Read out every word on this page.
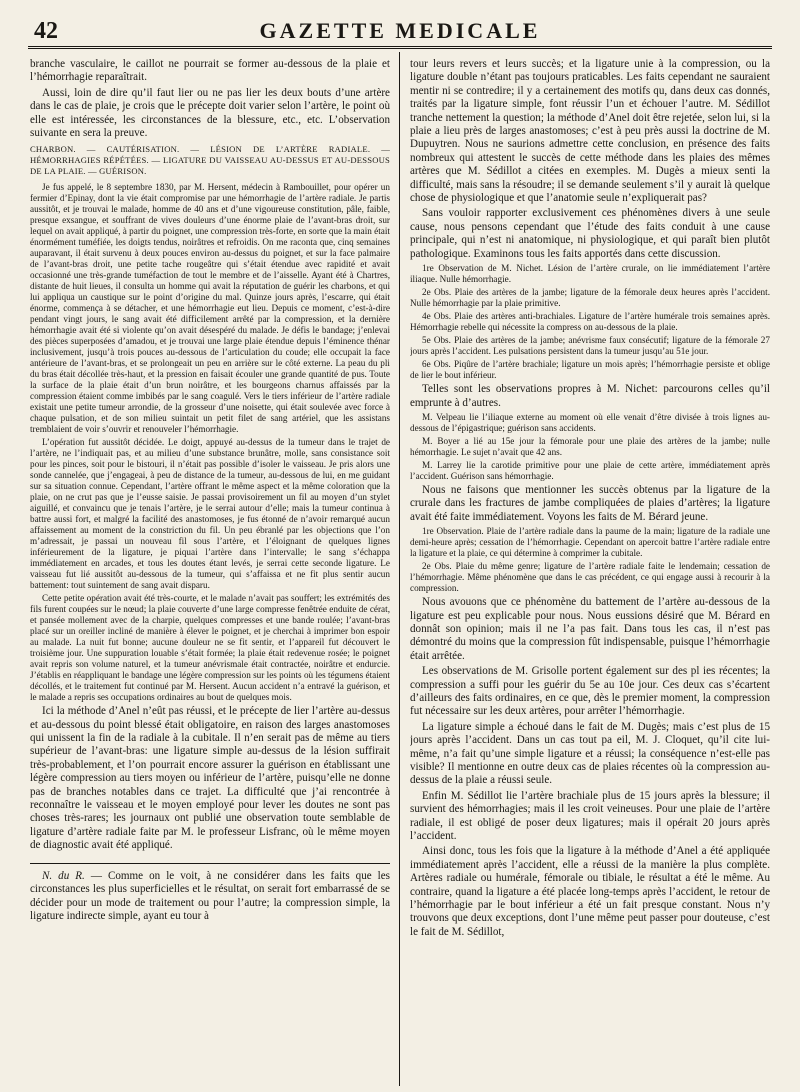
42	GAZETTE MEDICALE

branche vasculaire, le caillot ne pourrait se former au-dessous de la plaie et l’hémorrhagie reparaîtrait.

Aussi, loin de dire qu’il faut lier ou ne pas lier les deux bouts d’une artère dans le cas de plaie, je crois que le précepte doit varier selon l’artère, le point où elle est intéressée, les circonstances de la blessure, etc., etc. L’observation suivante en sera la preuve.

CHARBON. — CAUTÉRISATION. — LÉSION DE L’ARTÈRE RADIALE. — HÉMORRHAGIES RÉPÉTÉES. — LIGATURE DU VAISSEAU AU-DESSUS ET AU-DESSOUS DE LA PLAIE. — GUÉRISON.

Je fus appelé, le 8 septembre 1830, par M. Hersent, médecin à Rambouillet, pour opérer un fermier d’Epinay, dont la vie était compromise par une hémorrhagie de l’artère radiale. Je partis aussitôt, et je trouvai le malade, homme de 40 ans et d’une vigoureuse constitution, pâle, faible, presque exsangue, et souffrant de vives douleurs d’une énorme plaie de l’avant-bras droit, sur lequel on avait appliqué, à partir du poignet, une compression très-forte, en sorte que la main était énormément tuméfiée, les doigts tendus, noirâtres et refroidis. On me raconta que, cinq semaines auparavant, il était survenu à deux pouces environ au-dessus du poignet, et sur la face palmaire de l’avant-bras droit, une petite tache rougeâtre qui s’était étendue avec rapidité et avait occasionné une très-grande tuméfaction de tout le membre et de l’aisselle. Ayant été à Chartres, distante de huit lieues, il consulta un homme qui avait la réputation de guérir les charbons, et qui lui appliqua un caustique sur le point d’origine du mal. Quinze jours après, l’escarre, qui était énorme, commença à se détacher, et une hémorrhagie eut lieu. Depuis ce moment, c’est-à-dire pendant vingt jours, le sang avait été difficilement arrêté par la compression, et la dernière hémorrhagie avait été si violente qu’on avait désespéré du malade. Je défis le bandage; j’enlevai des pièces superposées d’amadou, et je trouvai une large plaie étendue depuis l’éminence thénar inclusivement, jusqu’à trois pouces au-dessous de l’articulation du coude; elle occupait la face antérieure de l’avant-bras, et se prolongeait un peu en arrière sur le côté externe. La peau du pli du bras était décollée très-haut, et la pression en faisait écouler une grande quantité de pus. Toute la surface de la plaie était d’un brun noirâtre, et les bourgeons charnus affaissés par la compression étaient comme imbibés par le sang coagulé. Vers le tiers inférieur de l’artère radiale existait une petite tumeur arrondie, de la grosseur d’une noisette, qui était soulevée avec force à chaque pulsation, et de son milieu suintait un petit filet de sang artériel, que les assistans tremblaient de voir s’ouvrir et renouveler l’hémorrhagie.

L’opération fut aussitôt décidée. Le doigt, appuyé au-dessus de la tumeur dans le trajet de l’artère, ne l’indiquait pas, et au milieu d’une substance brunâtre, molle, sans consistance soit pour les pinces, soit pour le bistouri, il n’était pas possible d’isoler le vaisseau. Je pris alors une sonde cannelée, que j’engageai, à peu de distance de la tumeur, au-dessous de lui, en me guidant sur sa situation connue. Cependant, l’artère offrant le même aspect et la même coloration que la plaie, on ne crut pas que je l’eusse saisie. Je passai provisoirement un fil au moyen d’un stylet aiguillé, et convaincu que je tenais l’artère, je le serrai autour d’elle; mais la tumeur continua à battre aussi fort, et malgré la facilité des anastomoses, je fus étonné de n’avoir remarqué aucun affaissement au moment de la constriction du fil. Un peu ébranlé par les objections que l’on m’adressait, je passai un nouveau fil sous l’artère, et l’éloignant de quelques lignes inférieurement de la ligature, je piquai l’artère dans l’intervalle; le sang s’échappa immédiatement en arcades, et tous les doutes étant levés, je serrai cette seconde ligature. Le vaisseau fut lié aussitôt au-dessous de la tumeur, qui s’affaissa et ne fit plus sentir aucun battement: tout suintement de sang avait disparu.

Cette petite opération avait été très-courte, et le malade n’avait pas souffert; les extrémités des fils furent coupées sur le nœud; la plaie couverte d’une large compresse fenêtrée enduite de cérat, et pansée mollement avec de la charpie, quelques compresses et une bande roulée; l’avant-bras placé sur un oreiller incliné de manière à élever le poignet, et je cherchai à imprimer bon espoir au malade. La nuit fut bonne; aucune douleur ne se fit sentir, et l’appareil fut découvert le troisième jour. Une suppuration louable s’était formée; la plaie était redevenue rosée; le poignet avait repris son volume naturel, et la tumeur anévrismale était contractée, noirâtre et endurcie. J’établis en réappliquant le bandage une légère compression sur les points où les tégumens étaient décollés, et le traitement fut continué par M. Hersent. Aucun accident n’a entravé la guérison, et le malade a repris ses occupations ordinaires au bout de quelques mois.

Ici la méthode d’Anel n’eût pas réussi, et le précepte de lier l’artère au-dessus et au-dessous du point blessé était obligatoire, en raison des larges anastomoses qui unissent la fin de la radiale à la cubitale. Il n’en serait pas de même au tiers supérieur de l’avant-bras: une ligature simple au-dessus de la lésion suffirait très-probablement, et l’on pourrait encore assurer la guérison en établissant une légère compression au tiers moyen ou inférieur de l’artère, puisqu’elle ne donne pas de branches notables dans ce trajet. La difficulté que j’ai rencontrée à reconnaître le vaisseau et le moyen employé pour lever les doutes ne sont pas choses très-rares; les journaux ont publié une observation toute semblable de ligature d’artère radiale faite par M. le professeur Lisfranc, où le même moyen de diagnostic avait été appliqué.

N. du R. — Comme on le voit, à ne considérer dans les faits que les circonstances les plus superficielles et le résultat, on serait fort embarrassé de se décider pour un mode de traitement ou pour l’autre; la compression simple, la ligature indirecte simple, ayant eu tour à

tour leurs revers et leurs succès; et la ligature unie à la compression, ou la ligature double n’étant pas toujours praticables. Les faits cependant ne sauraient mentir ni se contredire; il y a certainement des motifs qu, dans deux cas donnés, traités par la ligature simple, font réussir l’un et échouer l’autre. M. Sédillot tranche nettement la question; la méthode d’Anel doit être rejetée, selon lui, si la plaie a lieu près de larges anastomoses; c’est à peu près aussi la doctrine de M. Dupuytren. Nous ne saurions admettre cette conclusion, en présence des faits nombreux qui attestent le succès de cette méthode dans les plaies des mêmes artères que M. Sédillot a citées en exemples. M. Dugès a mieux senti la difficulté, mais sans la résoudre; il se demande seulement s’il y aurait là quelque chose de physiologique et que l’anatomie seule n’expliquerait pas?

Sans vouloir rapporter exclusivement ces phénomènes divers à une seule cause, nous pensons cependant que l’étude des faits conduit à une cause principale, qui n’est ni anatomique, ni physiologique, et qui paraît bien plutôt pathologique. Examinons tous les faits apportés dans cette discussion.

1re Observation de M. Nichet. Lésion de l’artère crurale, on lie immédiatement l’artère iliaque. Nulle hémorrhagie.

2e Obs. Plaie des artères de la jambe; ligature de la fémorale deux heures après l’accident. Nulle hémorrhagie par la plaie primitive.

4e Obs. Plaie des artères anti-brachiales. Ligature de l’artère humérale trois semaines après. Hémorrhagie rebelle qui nécessite la compress on au-dessous de la plaie.

5e Obs. Plaie des artères de la jambe; anévrisme faux consécutif; ligature de la fémorale 27 jours après l’accident. Les pulsations persistent dans la tumeur jusqu’au 51e jour.

6e Obs. Piqûre de l’artère brachiale; ligature un mois après; l’hémorrhagie persiste et oblige de lier le bout inférieur.

Telles sont les observations propres à M. Nichet: parcourons celles qu’il emprunte à d’autres.

M. Velpeau lie l’iliaque externe au moment où elle venait d’être divisée à trois lignes au-dessous de l’épigastrique; guérison sans accidents.

M. Boyer a lié au 15e jour la fémorale pour une plaie des artères de la jambe; nulle hémorrhagie. Le sujet n’avait que 42 ans.

M. Larrey lie la carotide primitive pour une plaie de cette artère, immédiatement après l’accident. Guérison sans hémorrhagie.

Nous ne faisons que mentionner les succès obtenus par la ligature de la crurale dans les fractures de jambe compliquées de plaies d’artères; la ligature avait été faite immédiatement. Voyons les faits de M. Bérard jeune.

1re Observation. Plaie de l’artère radiale dans la paume de la main; ligature de la radiale une demi-heure après; cessation de l’hémorrhagie. Cependant on apercoit battre l’artère radiale entre la ligature et la plaie, ce qui détermine à comprimer la cubitale.

2e Obs. Plaie du même genre; ligature de l’artère radiale faite le lendemain; cessation de l’hémorrhagie. Même phénomène que dans le cas précédent, ce qui engage aussi à recourir à la compression.

Nous avouons que ce phénomène du battement de l’artère au-dessous de la ligature est peu explicable pour nous. Nous eussions désiré que M. Bérard en donnât son opinion; mais il ne l’a pas fait. Dans tous les cas, il n’est pas démontré du moins que la compression fût indispensable, puisque l’hémorrhagie était arrêtée.

Les observations de M. Grisolle portent également sur des pl ies récentes; la compression a suffi pour les guérir du 5e au 10e jour. Ces deux cas s’écartent d’ailleurs des faits ordinaires, en ce que, dès le premier moment, la compression fut nécessaire sur les deux artères, pour arrêter l’hémorrhagie.

La ligature simple a échoué dans le fait de M. Dugès; mais c’est plus de 15 jours après l’accident. Dans un cas tout pa eil, M. J. Cloquet, qu’il cite lui-même, n’a fait qu’une simple ligature et a réussi; la conséquence n’est-elle pas visible? Il mentionne en outre deux cas de plaies récentes où la compression au-dessus de la plaie a réussi seule.

Enfin M. Sédillot lie l’artère brachiale plus de 15 jours après la blessure; il survient des hémorrhagies; mais il les croit veineuses. Pour une plaie de l’artère radiale, il est obligé de poser deux ligatures; mais il opérait 20 jours après l’accident.

Ainsi donc, tous les fois que la ligature à la méthode d’Anel a été appliquée immédiatement après l’accident, elle a réussi de la manière la plus complète. Artères radiale ou humérale, fémorale ou tibiale, le résultat a été le même. Au contraire, quand la ligature a été placée long-temps après l’accident, le retour de l’hémorrhagie par le bout inférieur a été un fait presque constant. Nous n’y trouvons que deux exceptions, dont l’une même peut passer pour douteuse, c’est le fait de M. Sédillot,
